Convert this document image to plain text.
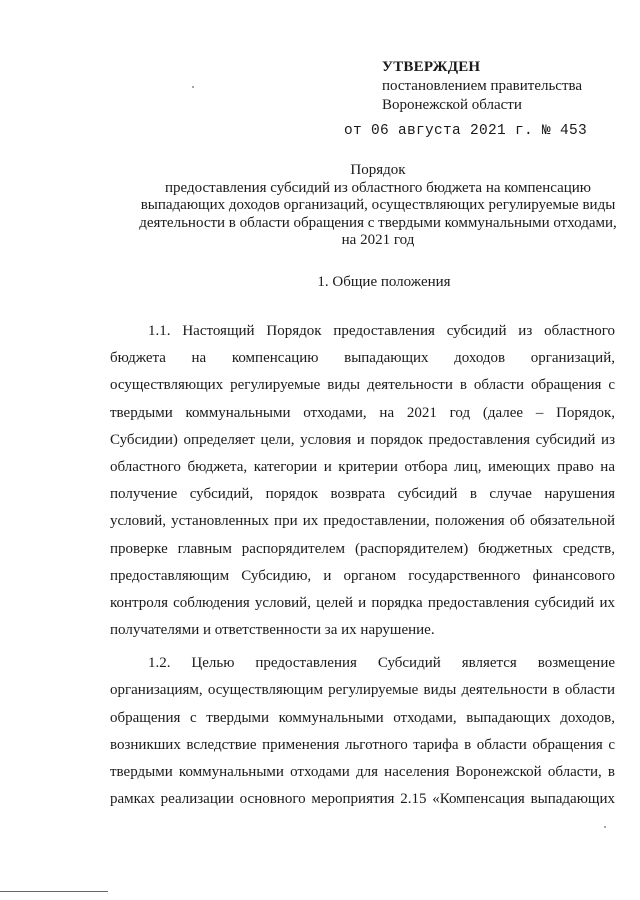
УТВЕРЖДЕН
постановлением правительства
Воронежской области
от 06 августа 2021 г. № 453
Порядок
предоставления субсидий из областного бюджета на компенсацию
выпадающих доходов организаций, осуществляющих регулируемые виды
деятельности в области обращения с твердыми коммунальными отходами,
на 2021 год
1. Общие положения
1.1. Настоящий Порядок предоставления субсидий из областного
бюджета на компенсацию выпадающих доходов организаций,
осуществляющих регулируемые виды деятельности в области обращения с
твердыми коммунальными отходами, на 2021 год (далее – Порядок,
Субсидии) определяет цели, условия и порядок предоставления субсидий из
областного бюджета, категории и критерии отбора лиц, имеющих право на
получение субсидий, порядок возврата субсидий в случае нарушения
условий, установленных при их предоставлении, положения об обязательной
проверке главным распорядителем (распорядителем) бюджетных средств,
предоставляющим Субсидию, и органом государственного финансового
контроля соблюдения условий, целей и порядка предоставления субсидий их
получателями и ответственности за их нарушение.
1.2. Целью предоставления Субсидий является возмещение
организациям, осуществляющим регулируемые виды деятельности в области
обращения с твердыми коммунальными отходами, выпадающих доходов,
возникших вследствие применения льготного тарифа в области обращения с
твердыми коммунальными отходами для населения Воронежской области, в
рамках реализации основного мероприятия 2.15 «Компенсация выпадающих
